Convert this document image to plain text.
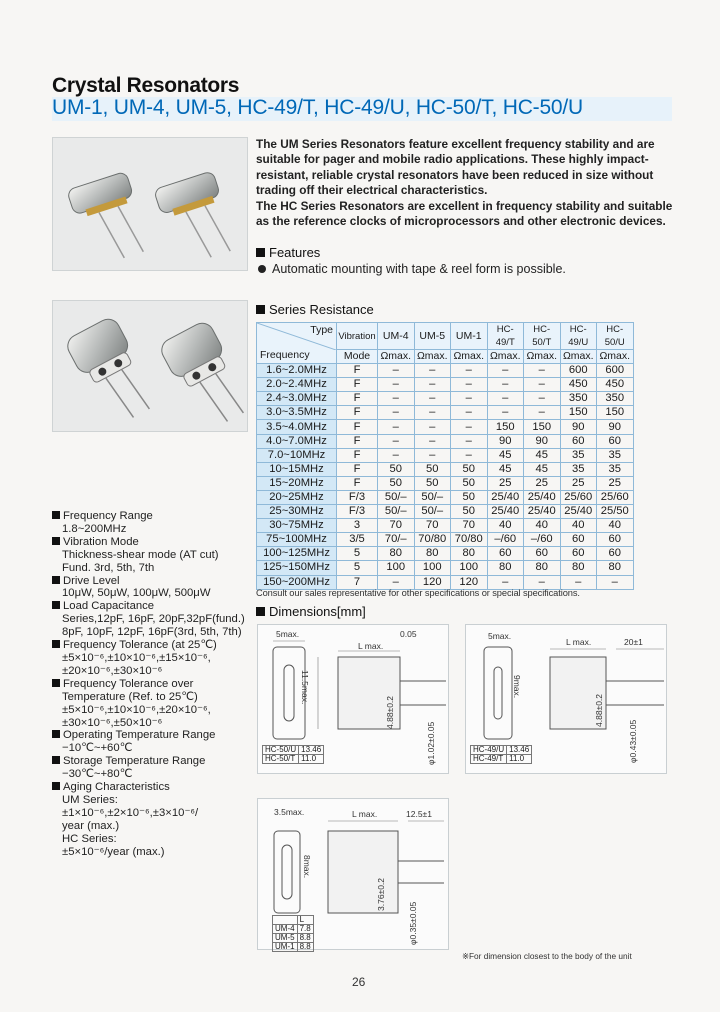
Crystal Resonators
UM-1, UM-4, UM-5, HC-49/T, HC-49/U, HC-50/T, HC-50/U
The UM Series Resonators feature excellent frequency stability and are suitable for pager and mobile radio applications. These highly impact-resistant, reliable crystal resonators have been reduced in size without trading off their electrical characteristics.
The HC Series Resonators are excellent in frequency stability and suitable as the reference clocks of microprocessors and other electronic devices.
Features
Automatic mounting with tape & reel form is possible.
Series Resistance
Type
Frequency	Vibration	UM-4	UM-5	UM-1	HC-49/T	HC-50/T	HC-49/U	HC-50/U
	Mode	Ωmax.	Ωmax.	Ωmax.	Ωmax.	Ωmax.	Ωmax.	Ωmax.
1.6~2.0MHz	F	–	–	–	–	–	600	600
2.0~2.4MHz	F	–	–	–	–	–	450	450
2.4~3.0MHz	F	–	–	–	–	–	350	350
3.0~3.5MHz	F	–	–	–	–	–	150	150
3.5~4.0MHz	F	–	–	–	150	150	90	90
4.0~7.0MHz	F	–	–	–	90	90	60	60
7.0~10MHz	F	–	–	–	45	45	35	35
10~15MHz	F	50	50	50	45	45	35	35
15~20MHz	F	50	50	50	25	25	25	25
20~25MHz	F/3	50/–	50/–	50	25/40	25/40	25/60	25/60
25~30MHz	F/3	50/–	50/–	50	25/40	25/40	25/40	25/50
30~75MHz	3	70	70	70	40	40	40	40
75~100MHz	3/5	70/–	70/80	70/80	–/60	–/60	60	60
100~125MHz	5	80	80	80	60	60	60	60
125~150MHz	5	100	100	100	80	80	80	80
150~200MHz	7	–	120	120	–	–	–	–
Consult our sales representative for other specifications or special specifications.
Frequency Range
1.8~200MHz
Vibration Mode
Thickness-shear mode (AT cut)
Fund. 3rd, 5th, 7th
Drive Level
10μW, 50μW, 100μW, 500μW
Load Capacitance
Series,12pF, 16pF, 20pF,32pF(fund.)
8pF, 10pF, 12pF, 16pF(3rd, 5th, 7th)
Frequency Tolerance (at 25℃)
±5×10⁻⁶,±10×10⁻⁶,±15×10⁻⁶,
±20×10⁻⁶,±30×10⁻⁶
Frequency Tolerance over
Temperature (Ref. to 25℃)
±5×10⁻⁶,±10×10⁻⁶,±20×10⁻⁶,
±30×10⁻⁶,±50×10⁻⁶
Operating Temperature Range
−10℃~+60℃
Storage Temperature Range
−30℃~+80℃
Aging Characteristics
UM Series:
±1×10⁻⁶,±2×10⁻⁶,±3×10⁻⁶/
year (max.)
HC Series:
±5×10⁻⁶/year (max.)
Dimensions[mm]
5max.
L max.
0.05
11.5max.
4.88±0.2
φ1.02±0.05
HC-50/U	13.46
HC-50/T	11.0
5max.
L max.	20±1
9max.
4.88±0.2
φ0.43±0.05
HC-49/U	13.46
HC-49/T	11.0
3.5max.	L max.	12.5±1
8max.
3.76±0.2
φ0.35±0.05
	L
UM-4	7.8
UM-5	8.8
UM-1	8.8
※For dimension closest to the body of the unit
26
